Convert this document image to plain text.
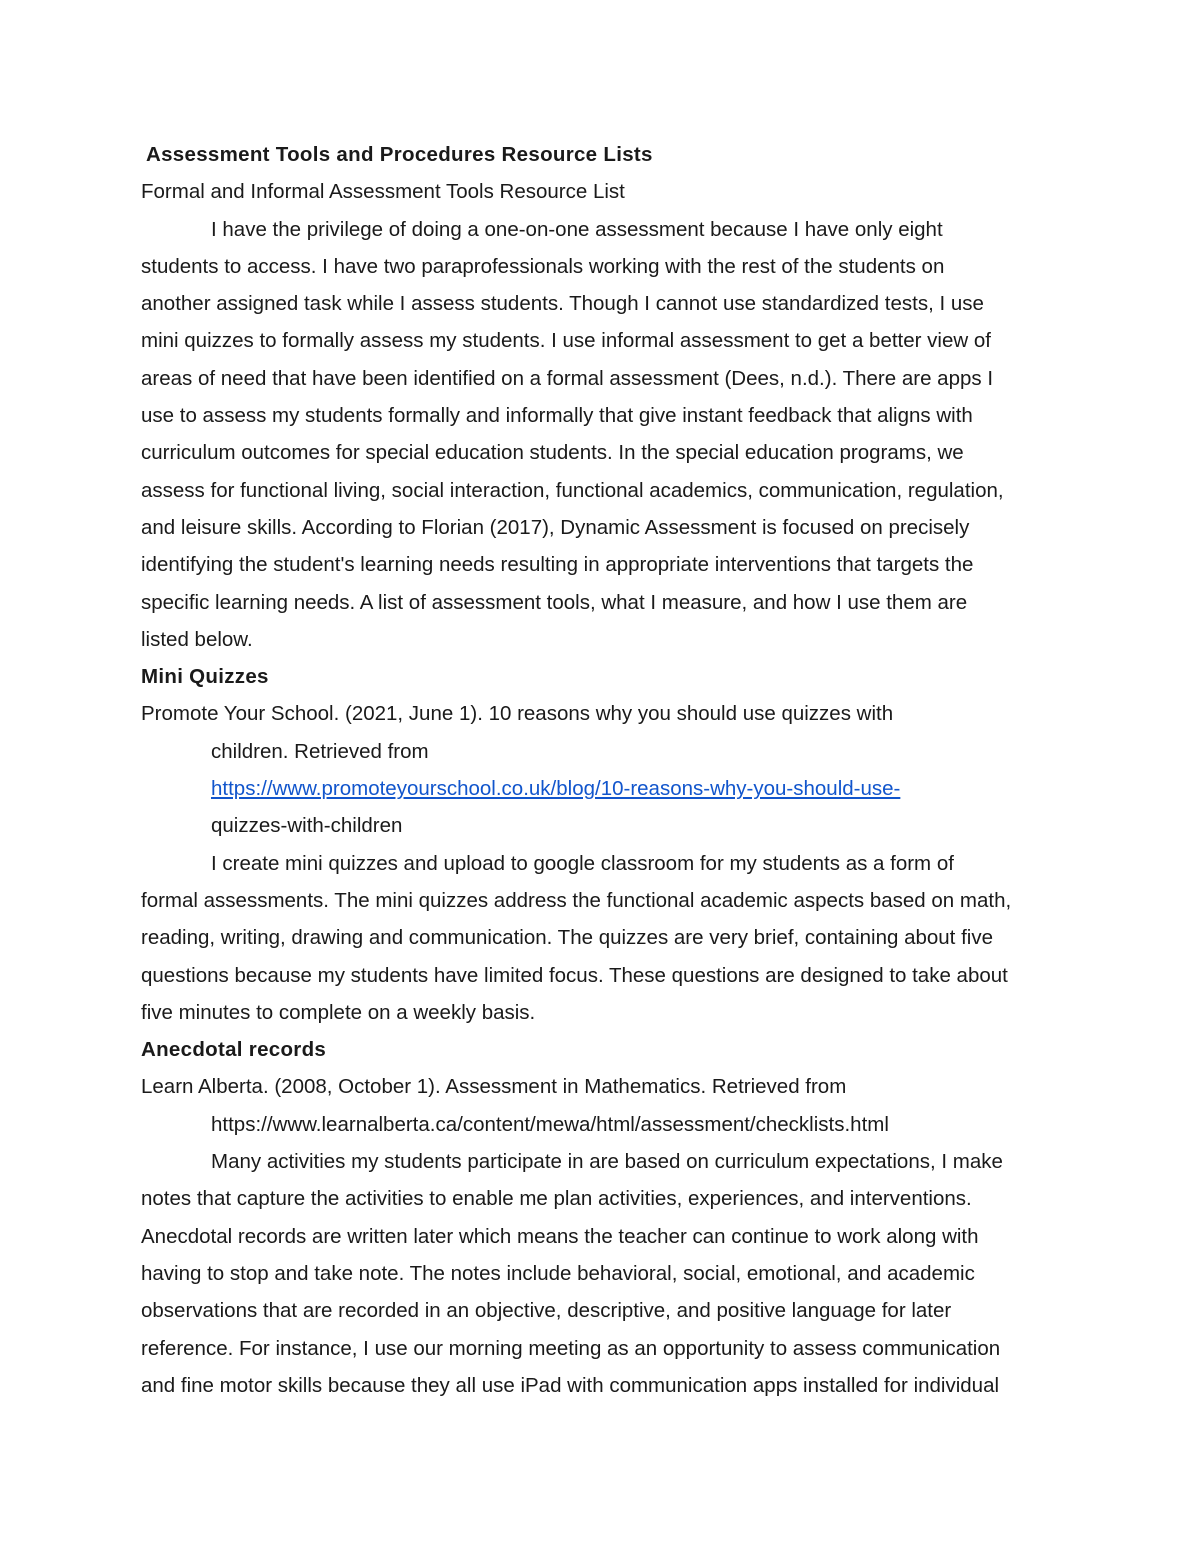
Assessment Tools and Procedures Resource Lists
Formal and Informal Assessment Tools Resource List
I have the privilege of doing a one-on-one assessment because I have only eight
students to access. I have two paraprofessionals working with the rest of the students on
another assigned task while I assess students. Though I cannot use standardized tests, I use
mini quizzes to formally assess my students. I use informal assessment to get a better view of
areas of need that have been identified on a formal assessment (Dees, n.d.). There are apps I
use to assess my students formally and informally that give instant feedback that aligns with
curriculum outcomes for special education students. In the special education programs, we
assess for functional living, social interaction, functional academics, communication, regulation,
and leisure skills. According to Florian (2017), Dynamic Assessment is focused on precisely
identifying the student's learning needs resulting in appropriate interventions that targets the
specific learning needs. A list of assessment tools, what I measure, and how I use them are
listed below.
Mini Quizzes
Promote Your School. (2021, June 1). 10 reasons why you should use quizzes with
children. Retrieved from
https://www.promoteyourschool.co.uk/blog/10-reasons-why-you-should-use-
quizzes-with-children
I create mini quizzes and upload to google classroom for my students as a form of
formal assessments. The mini quizzes address the functional academic aspects based on math,
reading, writing, drawing and communication. The quizzes are very brief, containing about five
questions because my students have limited focus. These questions are designed to take about
five minutes to complete on a weekly basis.
Anecdotal records
Learn Alberta. (2008, October 1). Assessment in Mathematics. Retrieved from
https://www.learnalberta.ca/content/mewa/html/assessment/checklists.html
Many activities my students participate in are based on curriculum expectations, I make
notes that capture the activities to enable me plan activities, experiences, and interventions.
Anecdotal records are written later which means the teacher can continue to work along with
having to stop and take note. The notes include behavioral, social, emotional, and academic
observations that are recorded in an objective, descriptive, and positive language for later
reference. For instance, I use our morning meeting as an opportunity to assess communication
and fine motor skills because they all use iPad with communication apps installed for individual
